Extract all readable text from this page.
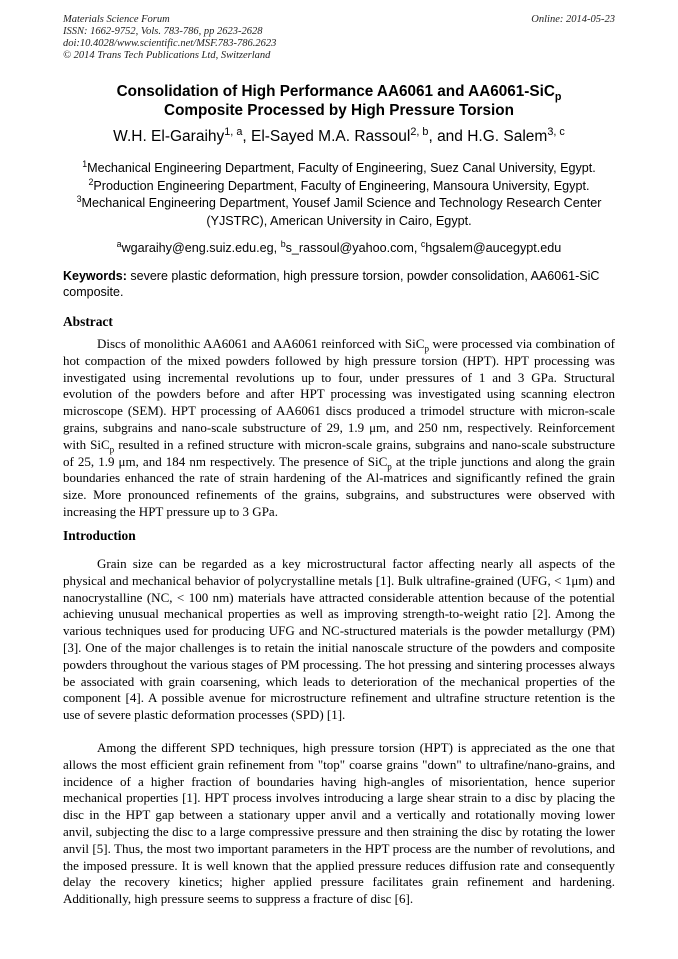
Materials Science Forum	Online: 2014-05-23
ISSN: 1662-9752, Vols. 783-786, pp 2623-2628
doi:10.4028/www.scientific.net/MSF.783-786.2623
© 2014 Trans Tech Publications Ltd, Switzerland
Consolidation of High Performance AA6061 and AA6061-SiC$_p$
Composite Processed by High Pressure Torsion
W.H. El-Garaihy$^{1, a}$, El-Sayed M.A. Rassoul$^{2, b}$, and H.G. Salem$^{3, c}$
$^1$Mechanical Engineering Department, Faculty of Engineering, Suez Canal University, Egypt.
$^2$Production Engineering Department, Faculty of Engineering, Mansoura University, Egypt.
$^3$Mechanical Engineering Department, Yousef Jamil Science and Technology Research Center (YJSTRC), American University in Cairo, Egypt.
$^a$wgaraihy@eng.suiz.edu.eg, $^b$s_rassoul@yahoo.com, $^c$hgsalem@aucegypt.edu
Keywords: severe plastic deformation, high pressure torsion, powder consolidation, AA6061-SiC composite.
Abstract

Discs of monolithic AA6061 and AA6061 reinforced with SiC$_p$ were processed via combination of hot compaction of the mixed powders followed by high pressure torsion (HPT). HPT processing was investigated using incremental revolutions up to four, under pressures of 1 and 3 GPa. Structural evolution of the powders before and after HPT processing was investigated using scanning electron microscope (SEM). HPT processing of AA6061 discs produced a trimodel structure with micron-scale grains, subgrains and nano-scale substructure of 29, 1.9 μm, and 250 nm, respectively. Reinforcement with SiC$_p$ resulted in a refined structure with micron-scale grains, subgrains and nano-scale substructure of 25, 1.9 μm, and 184 nm respectively. The presence of SiC$_p$ at the triple junctions and along the grain boundaries enhanced the rate of strain hardening of the Al-matrices and significantly refined the grain size. More pronounced refinements of the grains, subgrains, and substructures were observed with increasing the HPT pressure up to 3 GPa.

Introduction

Grain size can be regarded as a key microstructural factor affecting nearly all aspects of the physical and mechanical behavior of polycrystalline metals [1]. Bulk ultrafine-grained (UFG, < 1μm) and nanocrystalline (NC, < 100 nm) materials have attracted considerable attention because of the potential achieving unusual mechanical properties as well as improving strength-to-weight ratio [2]. Among the various techniques used for producing UFG and NC-structured materials is the powder metallurgy (PM) [3]. One of the major challenges is to retain the initial nanoscale structure of the powders and composite powders throughout the various stages of PM processing. The hot pressing and sintering processes always be associated with grain coarsening, which leads to deterioration of the mechanical properties of the component [4]. A possible avenue for microstructure refinement and ultrafine structure retention is the use of severe plastic deformation processes (SPD) [1].

Among the different SPD techniques, high pressure torsion (HPT) is appreciated as the one that allows the most efficient grain refinement from "top" coarse grains "down" to ultrafine/nano-grains, and incidence of a higher fraction of boundaries having high-angles of misorientation, hence superior mechanical properties [1]. HPT process involves introducing a large shear strain to a disc by placing the disc in the HPT gap between a stationary upper anvil and a vertically and rotationally moving lower anvil, subjecting the disc to a large compressive pressure and then straining the disc by rotating the lower anvil [5]. Thus, the most two important parameters in the HPT process are the number of revolutions, and the imposed pressure. It is well known that the applied pressure reduces diffusion rate and consequently delay the recovery kinetics; higher applied pressure facilitates grain refinement and hardening. Additionally, high pressure seems to suppress a fracture of disc [6].
